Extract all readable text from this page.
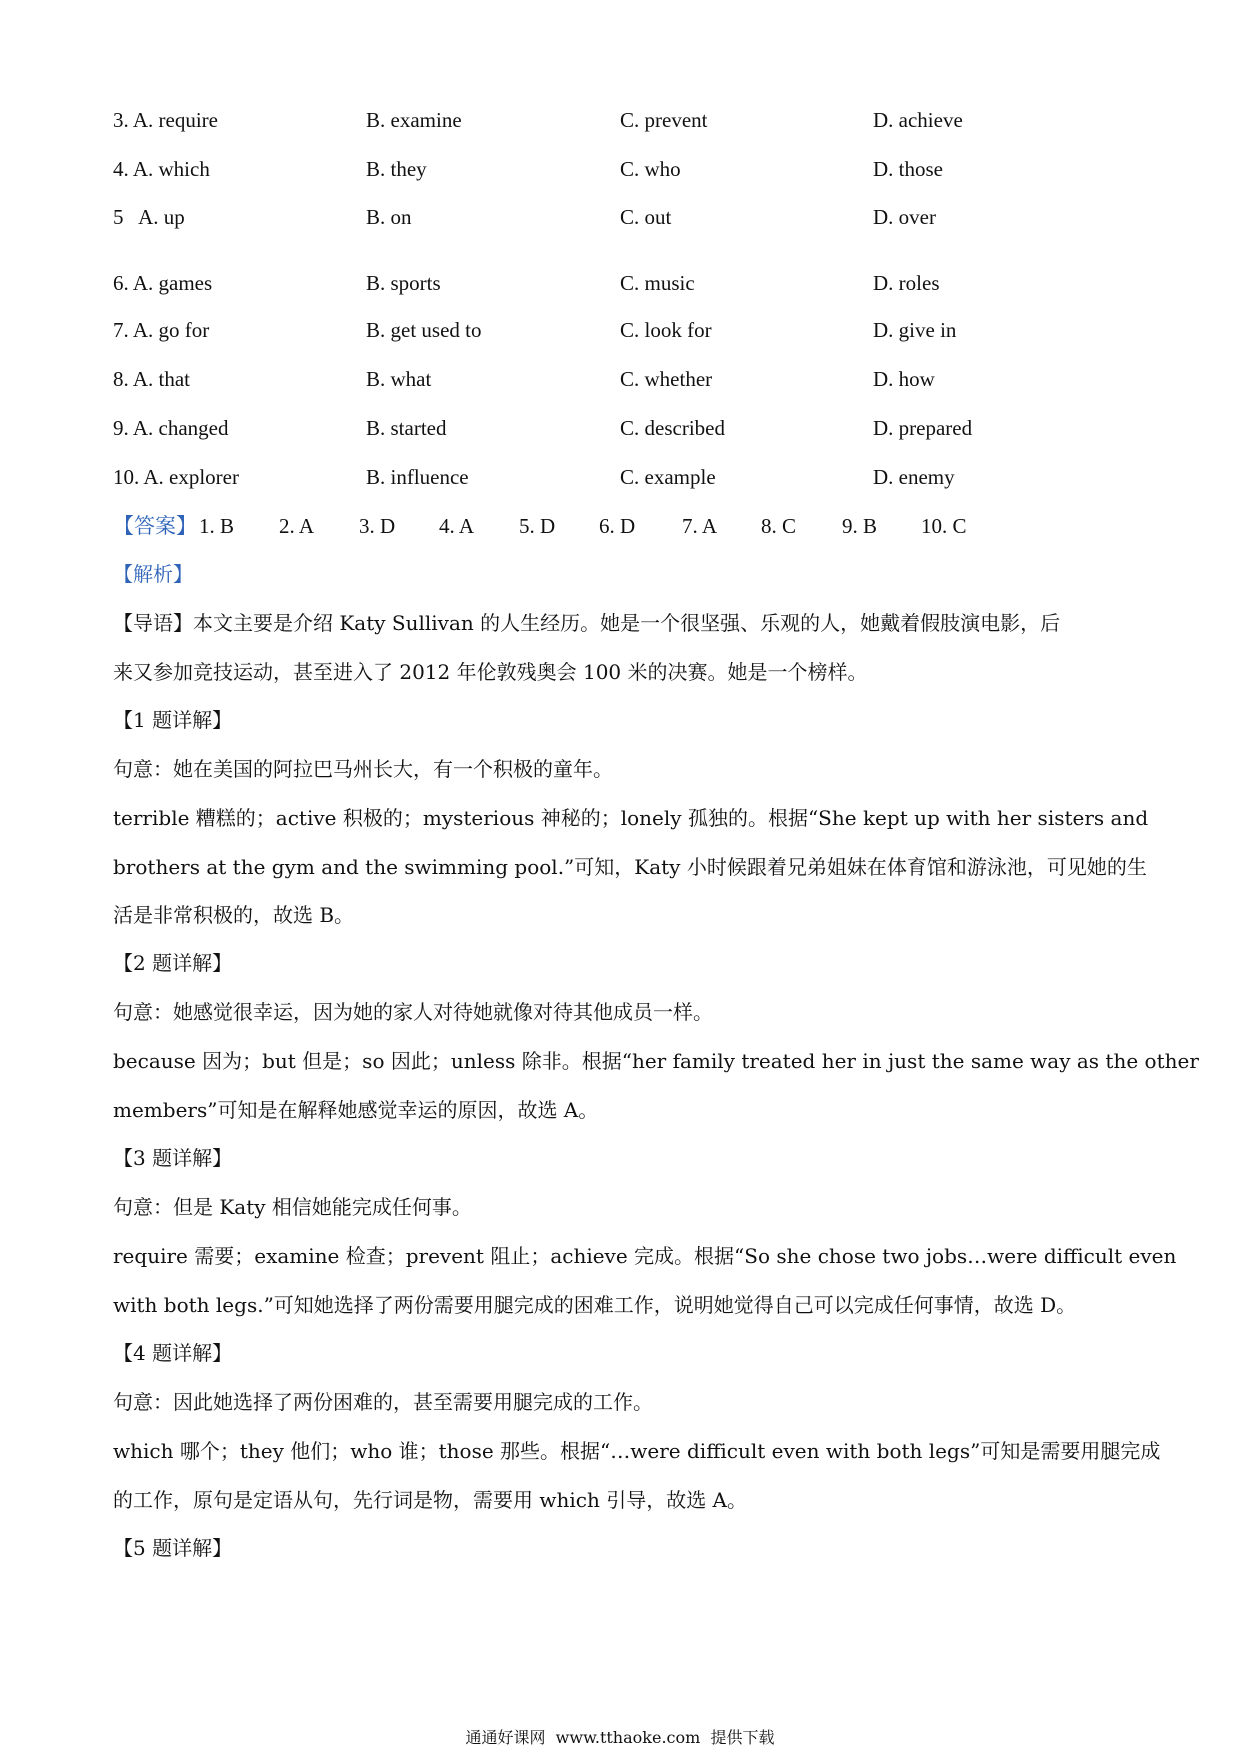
3. A. require	B. examine	C. prevent	D. achieve
4. A. which	B. they	C. who	D. those
5   A. up	B. on	C. out	D. over
6. A. games	B. sports	C. music	D. roles
7. A. go for	B. get used to	C. look for	D. give in
8. A. that	B. what	C. whether	D. how
9. A. changed	B. started	C. described	D. prepared
10. A. explorer	B. influence	C. example	D. enemy
【答案】 1. B 2. A 3. D 4. A 5. D 6. D 7. A 8. C 9. B 10. C
【解析】
【导语】本文主要是介绍 Katy Sullivan 的人生经历。她是一个很坚强、乐观的人，她戴着假肢演电影，后
来又参加竞技运动，甚至进入了 2012 年伦敦残奥会 100 米的决赛。她是一个榜样。
【1 题详解】
句意：她在美国的阿拉巴马州长大，有一个积极的童年。
terrible 糟糕的；active 积极的；mysterious 神秘的；lonely 孤独的。根据“She kept up with her sisters and
brothers at the gym and the swimming pool.”可知，Katy 小时候跟着兄弟姐妹在体育馆和游泳池，可见她的生
活是非常积极的，故选 B。
【2 题详解】
句意：她感觉很幸运，因为她的家人对待她就像对待其他成员一样。
because 因为；but 但是；so 因此；unless 除非。根据“her family treated her in just the same way as the other
members”可知是在解释她感觉幸运的原因，故选 A。
【3 题详解】
句意：但是 Katy 相信她能完成任何事。
require 需要；examine 检查；prevent 阻止；achieve 完成。根据“So she chose two jobs…were difficult even
with both legs.”可知她选择了两份需要用腿完成的困难工作，说明她觉得自己可以完成任何事情，故选 D。
【4 题详解】
句意：因此她选择了两份困难的，甚至需要用腿完成的工作。
which 哪个；they 他们；who 谁；those 那些。根据“…were difficult even with both legs”可知是需要用腿完成
的工作，原句是定语从句，先行词是物，需要用 which 引导，故选 A。
【5 题详解】
通通好课网  www.tthaoke.com  提供下载
